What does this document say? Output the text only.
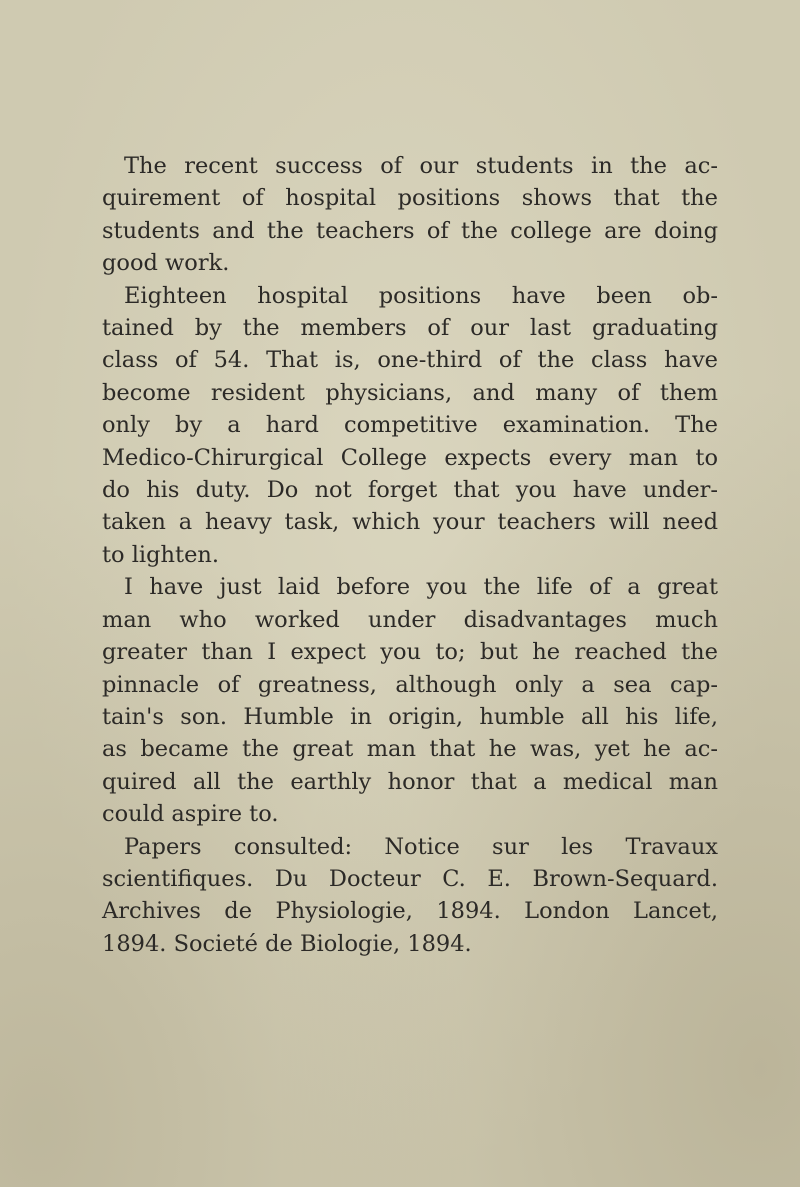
The recent success of our students in the ac-
quirement of hospital positions shows that the
students and the teachers of the college are doing
good work.
Eighteen hospital positions have been ob-
tained by the members of our last graduating
class of 54. That is, one-third of the class have
become resident physicians, and many of them
only by a hard competitive examination. The
Medico-Chirurgical College expects every man to
do his duty. Do not forget that you have under-
taken a heavy task, which your teachers will need
to lighten.
I have just laid before you the life of a great
man who worked under disadvantages much
greater than I expect you to; but he reached the
pinnacle of greatness, although only a sea cap-
tain's son. Humble in origin, humble all his life,
as became the great man that he was, yet he ac-
quired all the earthly honor that a medical man
could aspire to.
Papers consulted: Notice sur les Travaux
scientifiques. Du Docteur C. E. Brown-Sequard.
Archives de Physiologie, 1894. London Lancet,
1894. Societé de Biologie, 1894.
